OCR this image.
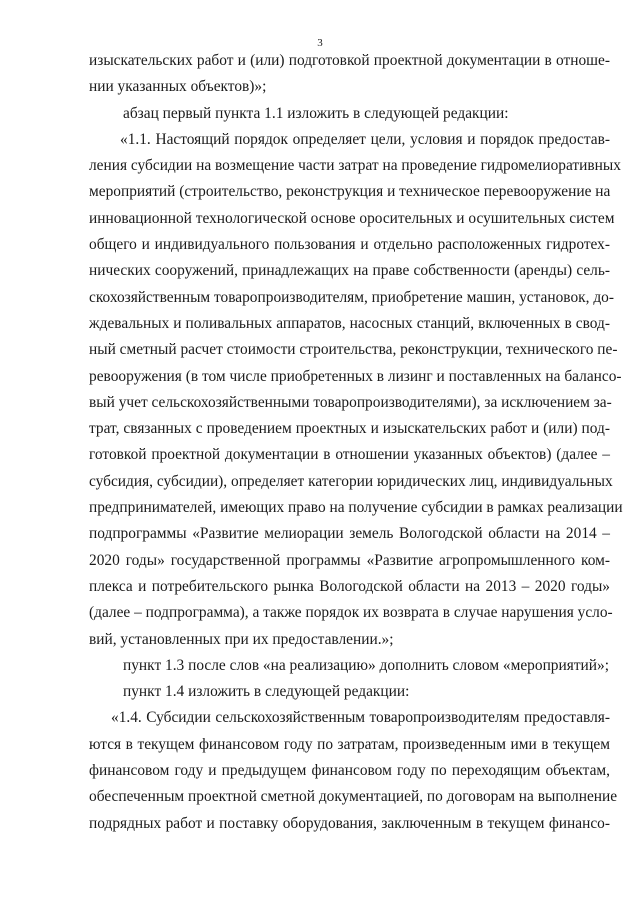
3
изыскательских работ и (или) подготовкой проектной документации в отноше-
нии указанных объектов)»;
абзац первый пункта 1.1 изложить в следующей редакции:
«1.1. Настоящий порядок определяет цели, условия и порядок предостав-
ления субсидии на возмещение части затрат на проведение гидромелиоративных
мероприятий (строительство, реконструкция и техническое перевооружение на
инновационной технологической основе оросительных и осушительных систем
общего и индивидуального пользования и отдельно расположенных гидротех-
нических сооружений, принадлежащих на праве собственности (аренды) сель-
скохозяйственным товаропроизводителям, приобретение машин, установок, до-
ждевальных и поливальных аппаратов, насосных станций, включенных в свод-
ный сметный расчет стоимости строительства, реконструкции, технического пе-
ревооружения (в том числе приобретенных в лизинг и поставленных на балансо-
вый учет сельскохозяйственными товаропроизводителями), за исключением за-
трат, связанных с проведением проектных и изыскательских работ и (или) под-
готовкой проектной документации в отношении указанных объектов) (далее –
субсидия, субсидии), определяет категории юридических лиц, индивидуальных
предпринимателей, имеющих право на получение субсидии в рамках реализации
подпрограммы «Развитие мелиорации земель Вологодской области на 2014 –
2020 годы» государственной программы «Развитие агропромышленного ком-
плекса и потребительского рынка Вологодской области на 2013 – 2020 годы»
(далее – подпрограмма), а также порядок их возврата в случае нарушения усло-
вий, установленных при их предоставлении.»;
пункт 1.3 после слов «на реализацию» дополнить словом «мероприятий»;
пункт 1.4 изложить в следующей редакции:
«1.4. Субсидии сельскохозяйственным товаропроизводителям предоставля-
ются в текущем финансовом году по затратам, произведенным ими в текущем
финансовом году и предыдущем финансовом году по переходящим объектам,
обеспеченным проектной сметной документацией, по договорам на выполнение
подрядных работ и поставку оборудования, заключенным в текущем финансо-
